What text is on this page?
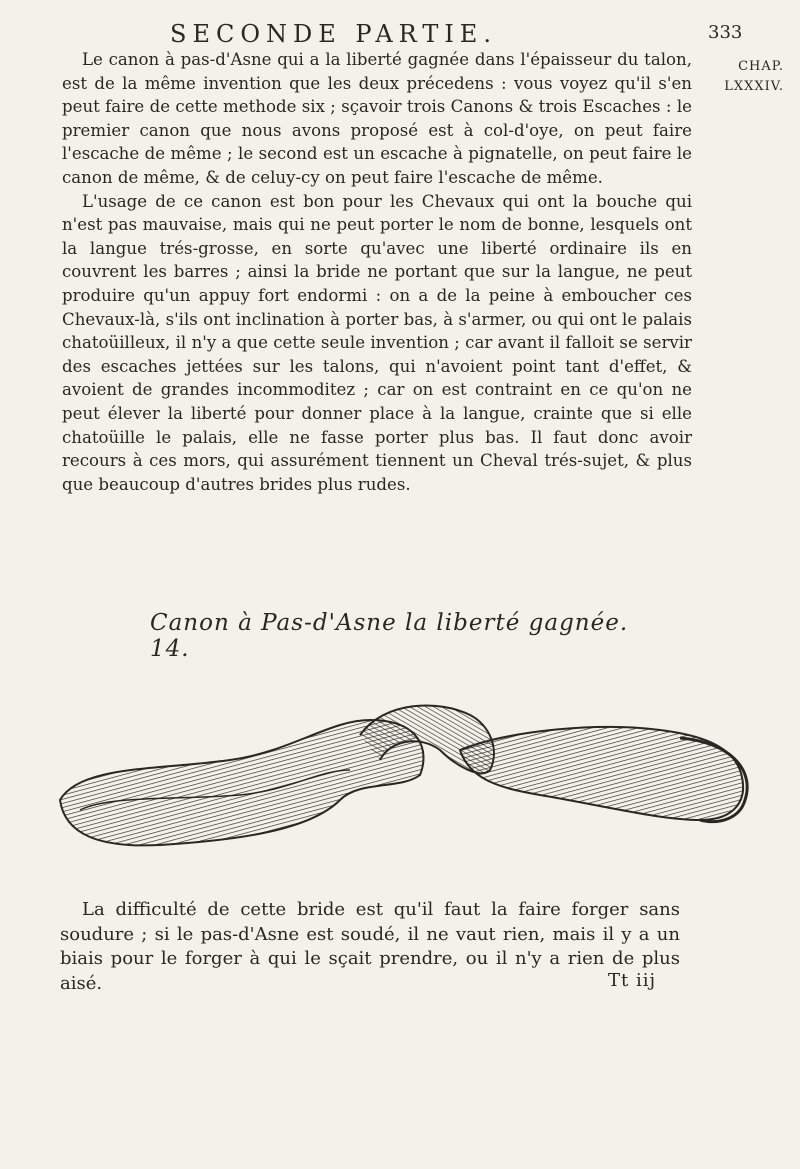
SECONDE PARTIE.	333
CHAP.
LXXXIV.

Le canon à pas-d'Asne qui a la liberté gagnée dans l'épaisseur du talon, est de la même invention que les deux précedens : vous voyez qu'il s'en peut faire de cette methode six ; sçavoir trois Canons & trois Escaches : le premier canon que nous avons proposé est à col-d'oye, on peut faire l'escache de même ; le second est un escache à pignatelle, on peut faire le canon de même, & de celuy-cy on peut faire l'escache de même.

L'usage de ce canon est bon pour les Chevaux qui ont la bouche qui n'est pas mauvaise, mais qui ne peut porter le nom de bonne, lesquels ont la langue trés-grosse, en sorte qu'avec une liberté ordinaire ils en couvrent les barres ; ainsi la bride ne portant que sur la langue, ne peut produire qu'un appuy fort endormi : on a de la peine à emboucher ces Chevaux-là, s'ils ont inclination à porter bas, à s'armer, ou qui ont le palais chatoüilleux, il n'y a que cette seule invention ; car avant il falloit se servir des escaches jettées sur les talons, qui n'avoient point tant d'effet, & avoient de grandes incommoditez ; car on est contraint en ce qu'on ne peut élever la liberté pour donner place à la langue, crainte que si elle chatoüille le palais, elle ne fasse porter plus bas. Il faut donc avoir recours à ces mors, qui assurément tiennent un Cheval trés-sujet, & plus que beaucoup d'autres brides plus rudes.

Canon à Pas-d'Asne la liberté gagnée. 14.

La difficulté de cette bride est qu'il faut la faire forger sans soudure ; si le pas-d'Asne est soudé, il ne vaut rien, mais il y a un biais pour le forger à qui le sçait prendre, ou il n'y a rien de plus aisé.	Tt iij
